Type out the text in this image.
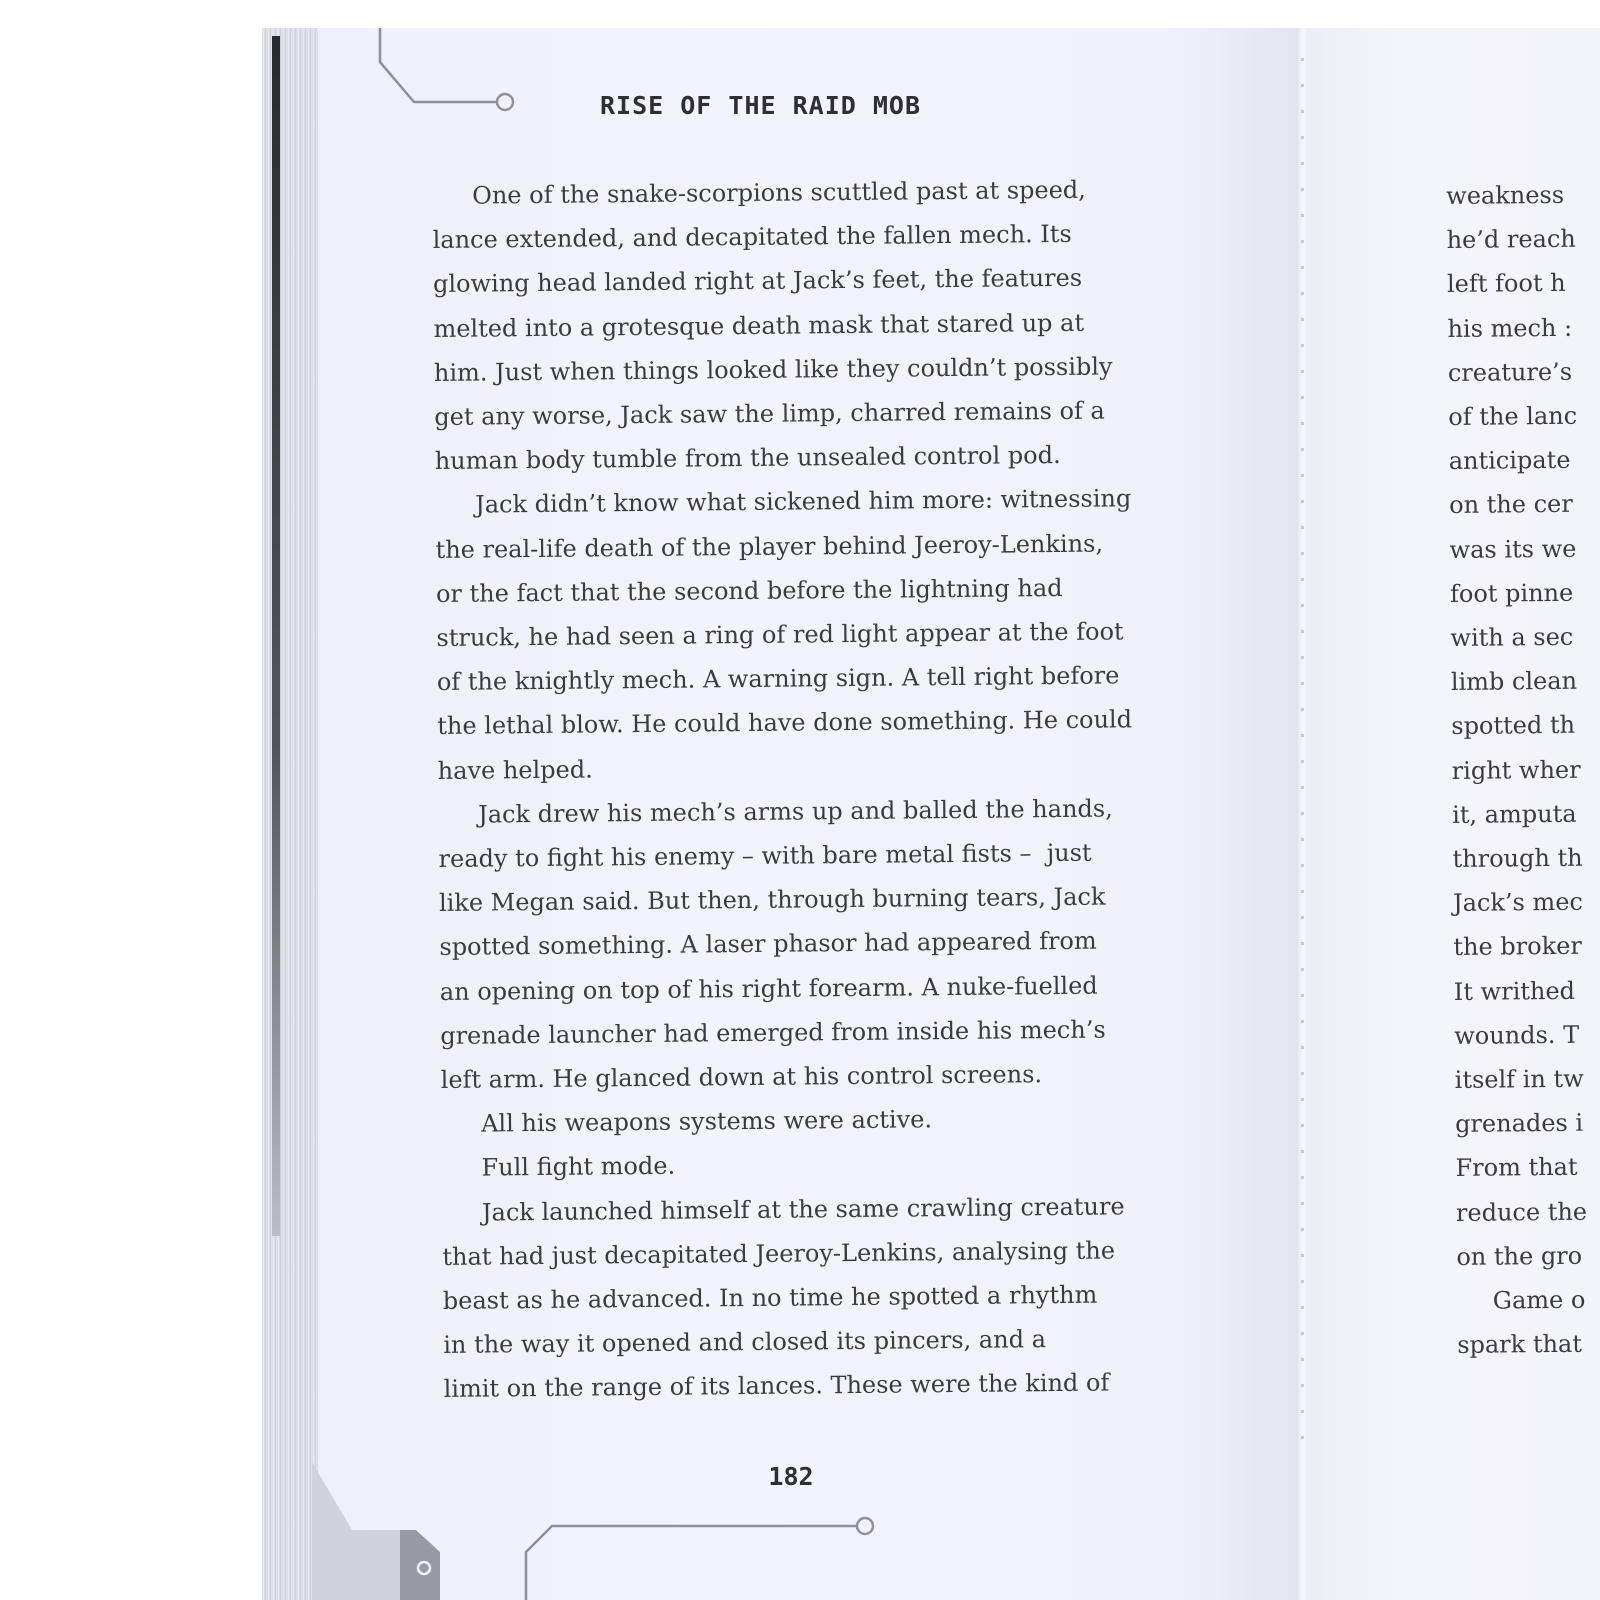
RISE OF THE RAID MOB

One of the snake-scorpions scuttled past at speed,

lance extended, and decapitated the fallen mech. Its

glowing head landed right at Jack’s feet, the features

melted into a grotesque death mask that stared up at

him. Just when things looked like they couldn’t possibly

get any worse, Jack saw the limp, charred remains of a

human body tumble from the unsealed control pod.

Jack didn’t know what sickened him more: witnessing

the real-life death of the player behind Jeeroy-Lenkins,

or the fact that the second before the lightning had

struck, he had seen a ring of red light appear at the foot

of the knightly mech. A warning sign. A tell right before

the lethal blow. He could have done something. He could

have helped.

Jack drew his mech’s arms up and balled the hands,

ready to fight his enemy – with bare metal fists –  just

like Megan said. But then, through burning tears, Jack

spotted something. A laser phasor had appeared from

an opening on top of his right forearm. A nuke-fuelled

grenade launcher had emerged from inside his mech’s

left arm. He glanced down at his control screens.

All his weapons systems were active.

Full fight mode.

Jack launched himself at the same crawling creature

that had just decapitated Jeeroy-Lenkins, analysing the

beast as he advanced. In no time he spotted a rhythm

in the way it opened and closed its pincers, and a

limit on the range of its lances. These were the kind of

weakness

he’d reach

left foot h

his mech :

creature’s

of the lanc

anticipate

on the cer

was its we

foot pinne

with a sec

limb clean

spotted th

right wher

it, amputa

through th

Jack’s mec

the broker

It writhed

wounds. T

itself in tw

grenades i

From that

reduce the

on the gro

Game o

spark that

182
